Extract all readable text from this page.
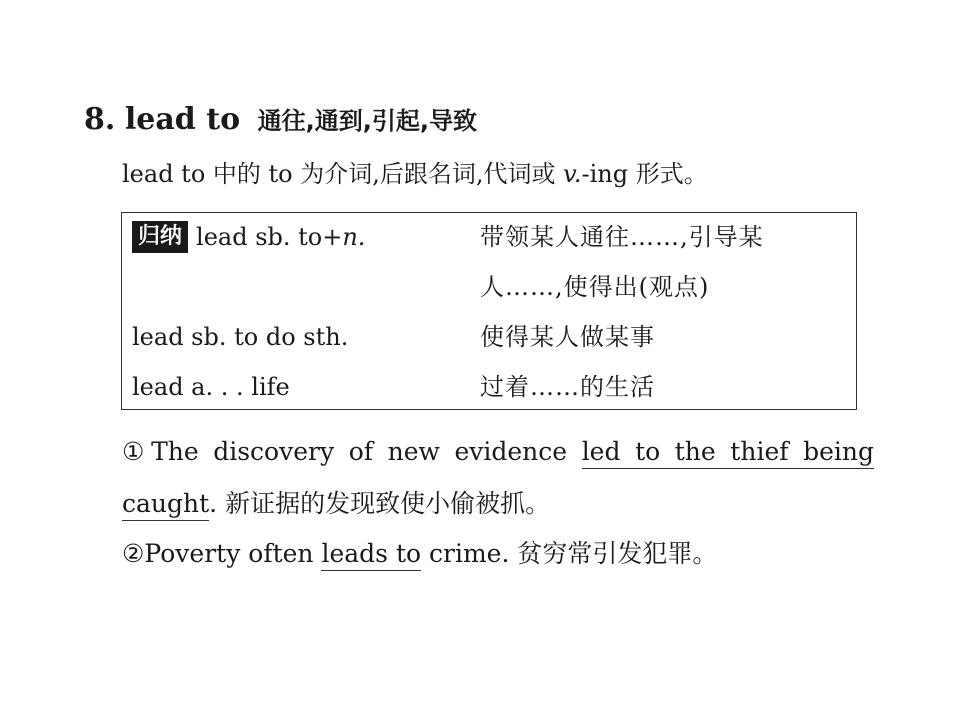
8. lead to 通往,通到,引起,导致
lead to 中的 to 为介词,后跟名词,代词或 v.-ing 形式。
归纳 lead sb. to+n.	带领某人通往……,引导某
人……,使得出(观点)
lead sb. to do sth.	使得某人做某事
lead a. . . life	过着……的生活
①The discovery of new evidence led to the thief being
caught. 新证据的发现致使小偷被抓。
②Poverty often leads to crime. 贫穷常引发犯罪。
